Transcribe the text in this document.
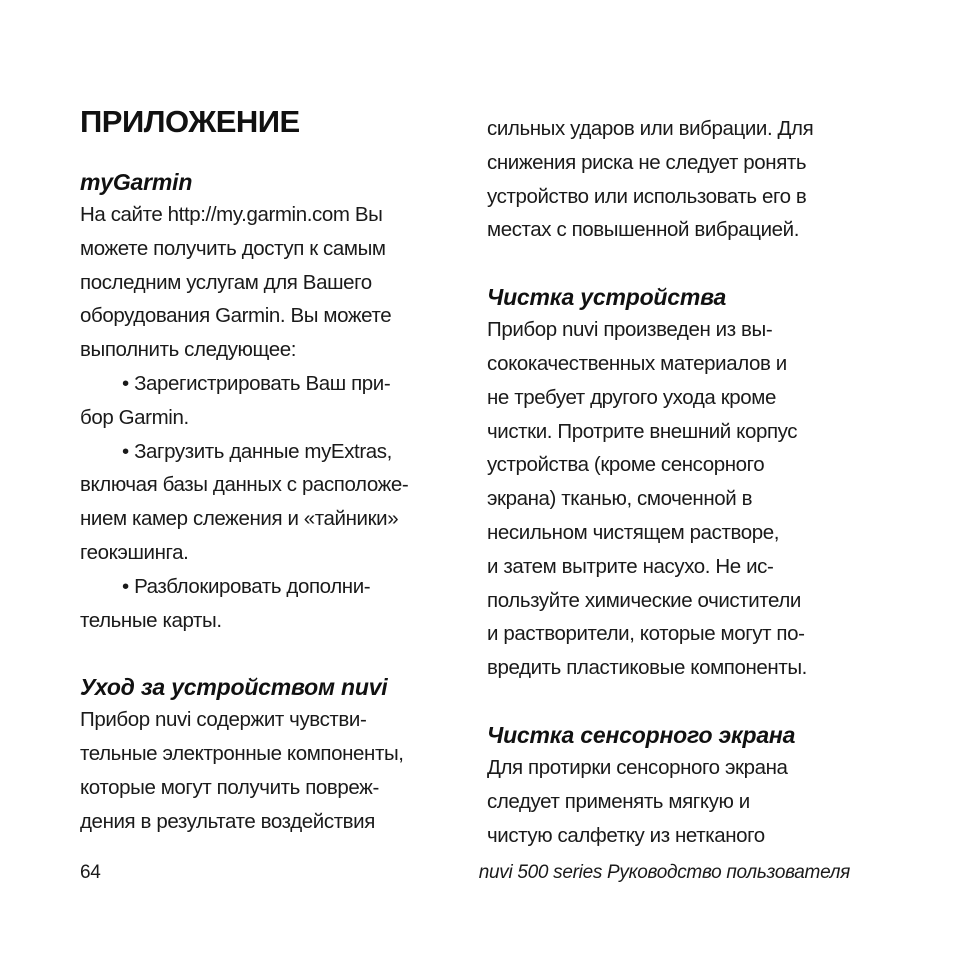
ПРИЛОЖЕНИЕ
myGarmin
На сайте http://my.garmin.com Вы
можете получить доступ к самым
последним услугам для Вашего
оборудования Garmin. Вы можете
выполнить следующее:
• Зарегистрировать Ваш при-
бор Garmin.
• Загрузить данные myExtras,
включая базы данных с расположе-
нием камер слежения и «тайники»
геокэшинга.
• Разблокировать дополни-
тельные карты.
Уход за устройством nuvi
Прибор nuvi содержит чувстви-
тельные электронные компоненты,
которые могут получить повреж-
дения в результате воздействия
сильных ударов или вибрации. Для
снижения риска не следует ронять
устройство или использовать его в
местах с повышенной вибрацией.
Чистка устройства
Прибор nuvi произведен из вы-
сококачественных материалов и
не требует другого ухода кроме
чистки. Протрите внешний корпус
устройства (кроме сенсорного
экрана) тканью, смоченной в
несильном чистящем растворе,
и затем вытрите насухо. Не ис-
пользуйте химические очистители
и растворители, которые могут по-
вредить пластиковые компоненты.
Чистка сенсорного экрана
Для протирки сенсорного экрана
следует применять мягкую и
чистую салфетку из нетканого
64	nuvi 500 series Руководство пользователя
